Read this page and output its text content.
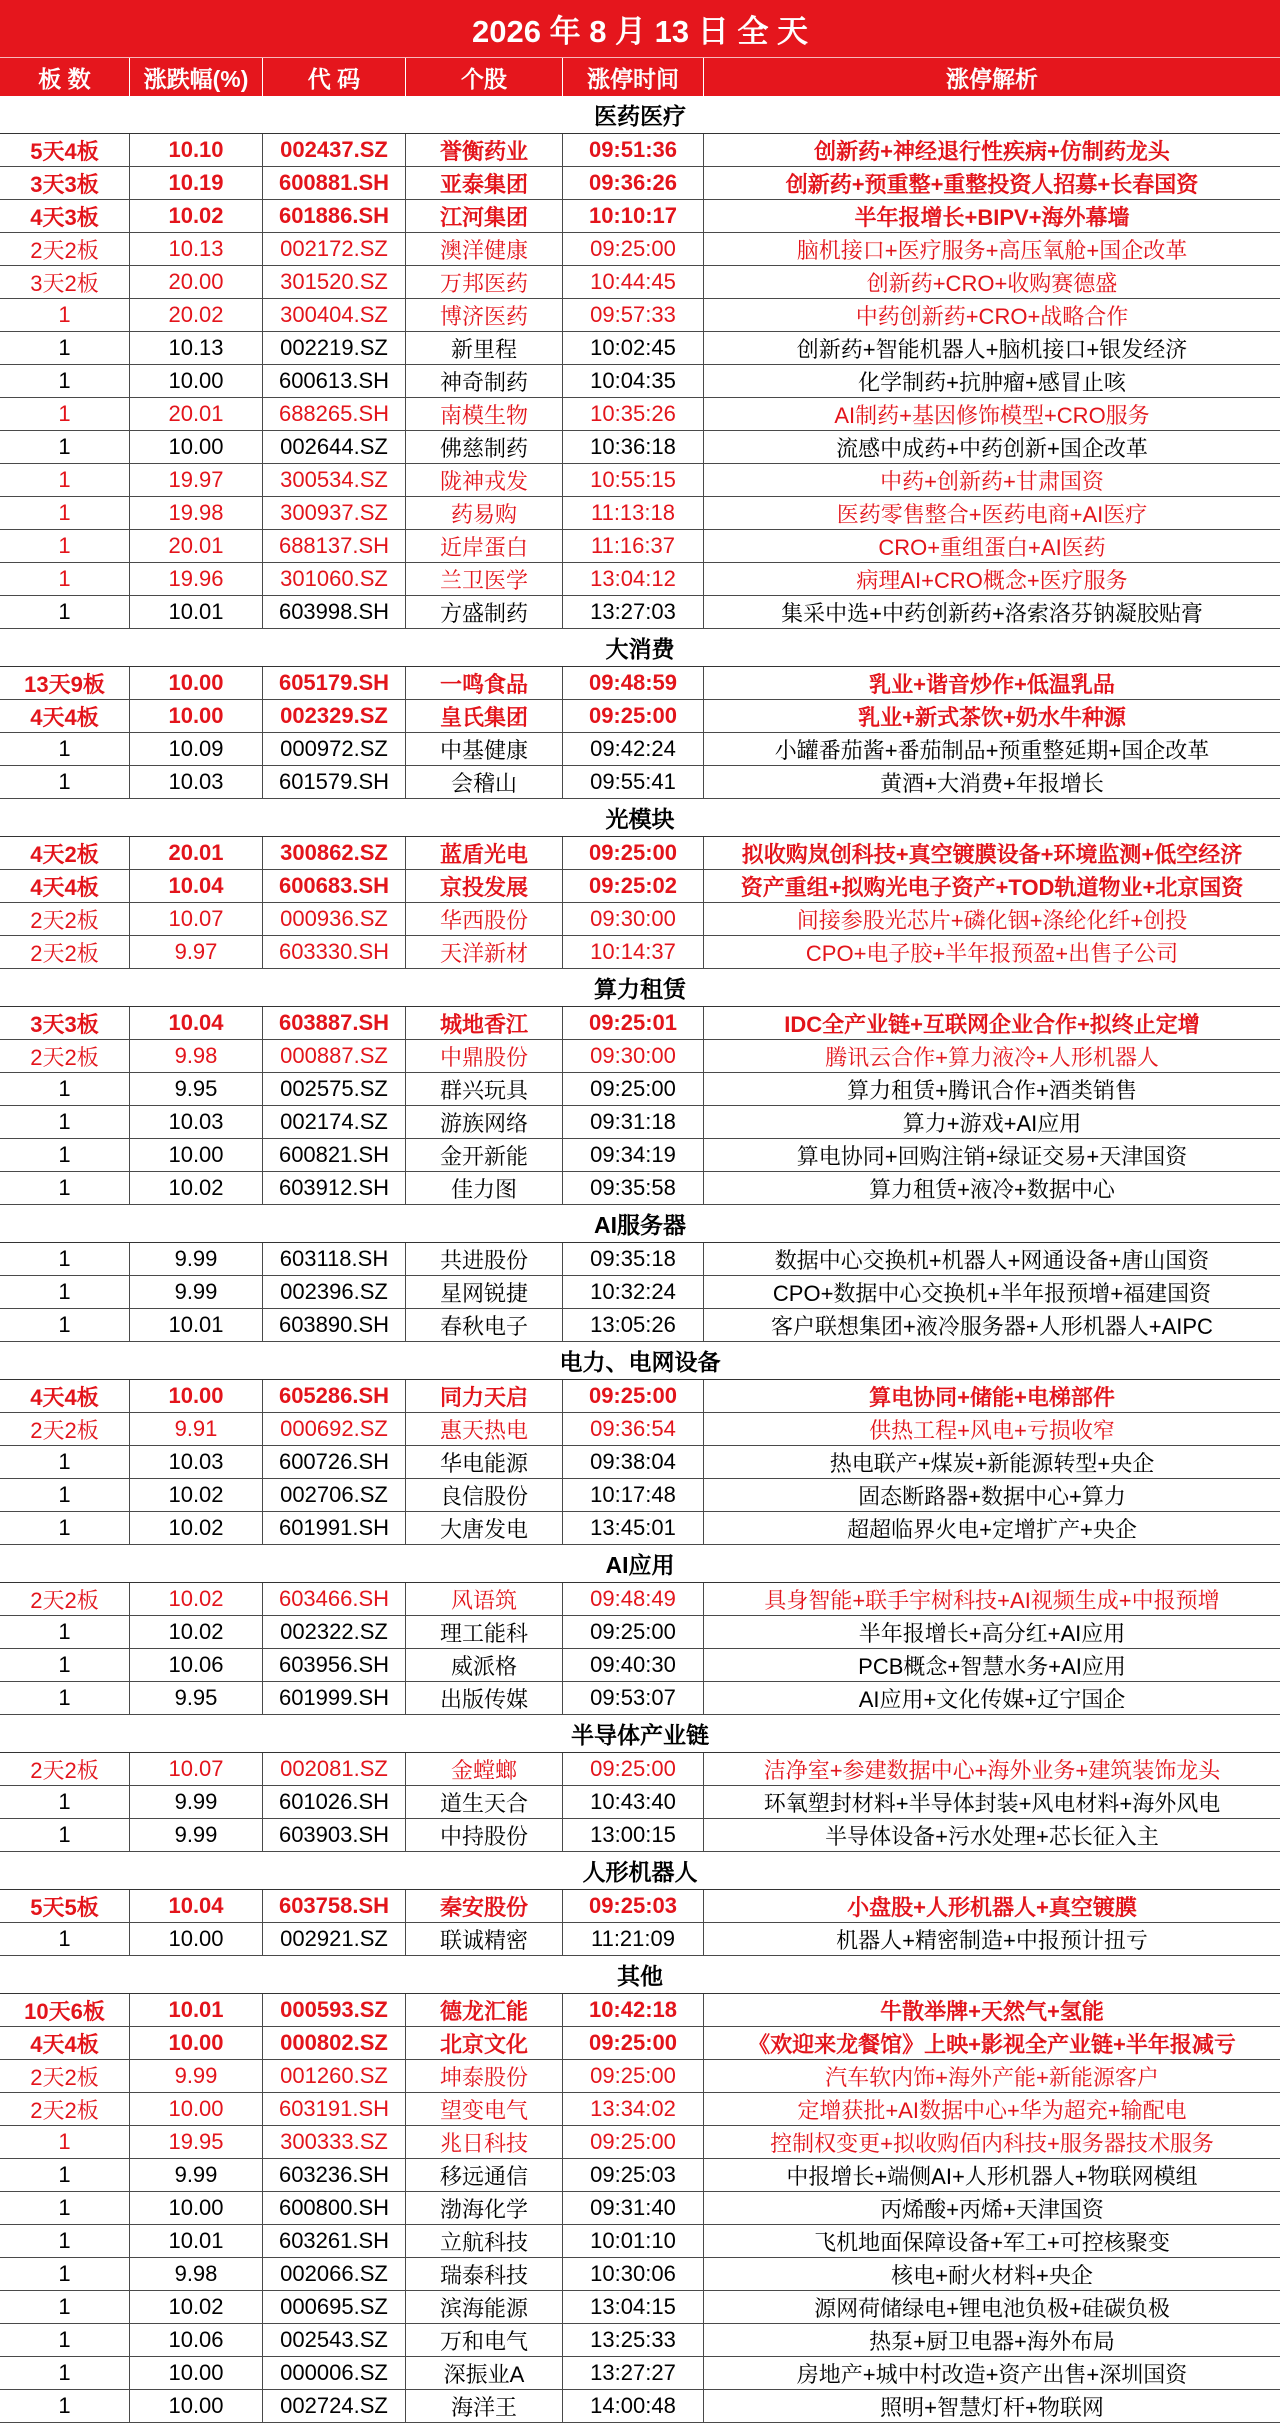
2026 年 8 月 13 日 全 天
板 数	涨跌幅(%)	代 码	个股	涨停时间	涨停解析
医药医疗
5天4板	10.10	002437.SZ	誉衡药业	09:51:36	创新药+神经退行性疾病+仿制药龙头
3天3板	10.19	600881.SH	亚泰集团	09:36:26	创新药+预重整+重整投资人招募+长春国资
4天3板	10.02	601886.SH	江河集团	10:10:17	半年报增长+BIPV+海外幕墙
2天2板	10.13	002172.SZ	澳洋健康	09:25:00	脑机接口+医疗服务+高压氧舱+国企改革
3天2板	20.00	301520.SZ	万邦医药	10:44:45	创新药+CRO+收购赛德盛
1	20.02	300404.SZ	博济医药	09:57:33	中药创新药+CRO+战略合作
1	10.13	002219.SZ	新里程	10:02:45	创新药+智能机器人+脑机接口+银发经济
1	10.00	600613.SH	神奇制药	10:04:35	化学制药+抗肿瘤+感冒止咳
1	20.01	688265.SH	南模生物	10:35:26	AI制药+基因修饰模型+CRO服务
1	10.00	002644.SZ	佛慈制药	10:36:18	流感中成药+中药创新+国企改革
1	19.97	300534.SZ	陇神戎发	10:55:15	中药+创新药+甘肃国资
1	19.98	300937.SZ	药易购	11:13:18	医药零售整合+医药电商+AI医疗
1	20.01	688137.SH	近岸蛋白	11:16:37	CRO+重组蛋白+AI医药
1	19.96	301060.SZ	兰卫医学	13:04:12	病理AI+CRO概念+医疗服务
1	10.01	603998.SH	方盛制药	13:27:03	集采中选+中药创新药+洛索洛芬钠凝胶贴膏
大消费
13天9板	10.00	605179.SH	一鸣食品	09:48:59	乳业+谐音炒作+低温乳品
4天4板	10.00	002329.SZ	皇氏集团	09:25:00	乳业+新式茶饮+奶水牛种源
1	10.09	000972.SZ	中基健康	09:42:24	小罐番茄酱+番茄制品+预重整延期+国企改革
1	10.03	601579.SH	会稽山	09:55:41	黄酒+大消费+年报增长
光模块
4天2板	20.01	300862.SZ	蓝盾光电	09:25:00	拟收购岚创科技+真空镀膜设备+环境监测+低空经济
4天4板	10.04	600683.SH	京投发展	09:25:02	资产重组+拟购光电子资产+TOD轨道物业+北京国资
2天2板	10.07	000936.SZ	华西股份	09:30:00	间接参股光芯片+磷化铟+涤纶化纤+创投
2天2板	9.97	603330.SH	天洋新材	10:14:37	CPO+电子胶+半年报预盈+出售子公司
算力租赁
3天3板	10.04	603887.SH	城地香江	09:25:01	IDC全产业链+互联网企业合作+拟终止定增
2天2板	9.98	000887.SZ	中鼎股份	09:30:00	腾讯云合作+算力液冷+人形机器人
1	9.95	002575.SZ	群兴玩具	09:25:00	算力租赁+腾讯合作+酒类销售
1	10.03	002174.SZ	游族网络	09:31:18	算力+游戏+AI应用
1	10.00	600821.SH	金开新能	09:34:19	算电协同+回购注销+绿证交易+天津国资
1	10.02	603912.SH	佳力图	09:35:58	算力租赁+液冷+数据中心
AI服务器
1	9.99	603118.SH	共进股份	09:35:18	数据中心交换机+机器人+网通设备+唐山国资
1	9.99	002396.SZ	星网锐捷	10:32:24	CPO+数据中心交换机+半年报预增+福建国资
1	10.01	603890.SH	春秋电子	13:05:26	客户联想集团+液冷服务器+人形机器人+AIPC
电力、电网设备
4天4板	10.00	605286.SH	同力天启	09:25:00	算电协同+储能+电梯部件
2天2板	9.91	000692.SZ	惠天热电	09:36:54	供热工程+风电+亏损收窄
1	10.03	600726.SH	华电能源	09:38:04	热电联产+煤炭+新能源转型+央企
1	10.02	002706.SZ	良信股份	10:17:48	固态断路器+数据中心+算力
1	10.02	601991.SH	大唐发电	13:45:01	超超临界火电+定增扩产+央企
AI应用
2天2板	10.02	603466.SH	风语筑	09:48:49	具身智能+联手宇树科技+AI视频生成+中报预增
1	10.02	002322.SZ	理工能科	09:25:00	半年报增长+高分红+AI应用
1	10.06	603956.SH	威派格	09:40:30	PCB概念+智慧水务+AI应用
1	9.95	601999.SH	出版传媒	09:53:07	AI应用+文化传媒+辽宁国企
半导体产业链
2天2板	10.07	002081.SZ	金螳螂	09:25:00	洁净室+参建数据中心+海外业务+建筑装饰龙头
1	9.99	601026.SH	道生天合	10:43:40	环氧塑封材料+半导体封装+风电材料+海外风电
1	9.99	603903.SH	中持股份	13:00:15	半导体设备+污水处理+芯长征入主
人形机器人
5天5板	10.04	603758.SH	秦安股份	09:25:03	小盘股+人形机器人+真空镀膜
1	10.00	002921.SZ	联诚精密	11:21:09	机器人+精密制造+中报预计扭亏
其他
10天6板	10.01	000593.SZ	德龙汇能	10:42:18	牛散举牌+天然气+氢能
4天4板	10.00	000802.SZ	北京文化	09:25:00	《欢迎来龙餐馆》上映+影视全产业链+半年报减亏
2天2板	9.99	001260.SZ	坤泰股份	09:25:00	汽车软内饰+海外产能+新能源客户
2天2板	10.00	603191.SH	望变电气	13:34:02	定增获批+AI数据中心+华为超充+输配电
1	19.95	300333.SZ	兆日科技	09:25:00	控制权变更+拟收购佰内科技+服务器技术服务
1	9.99	603236.SH	移远通信	09:25:03	中报增长+端侧AI+人形机器人+物联网模组
1	10.00	600800.SH	渤海化学	09:31:40	丙烯酸+丙烯+天津国资
1	10.01	603261.SH	立航科技	10:01:10	飞机地面保障设备+军工+可控核聚变
1	9.98	002066.SZ	瑞泰科技	10:30:06	核电+耐火材料+央企
1	10.02	000695.SZ	滨海能源	13:04:15	源网荷储绿电+锂电池负极+硅碳负极
1	10.06	002543.SZ	万和电气	13:25:33	热泵+厨卫电器+海外布局
1	10.00	000006.SZ	深振业A	13:27:27	房地产+城中村改造+资产出售+深圳国资
1	10.00	002724.SZ	海洋王	14:00:48	照明+智慧灯杆+物联网
